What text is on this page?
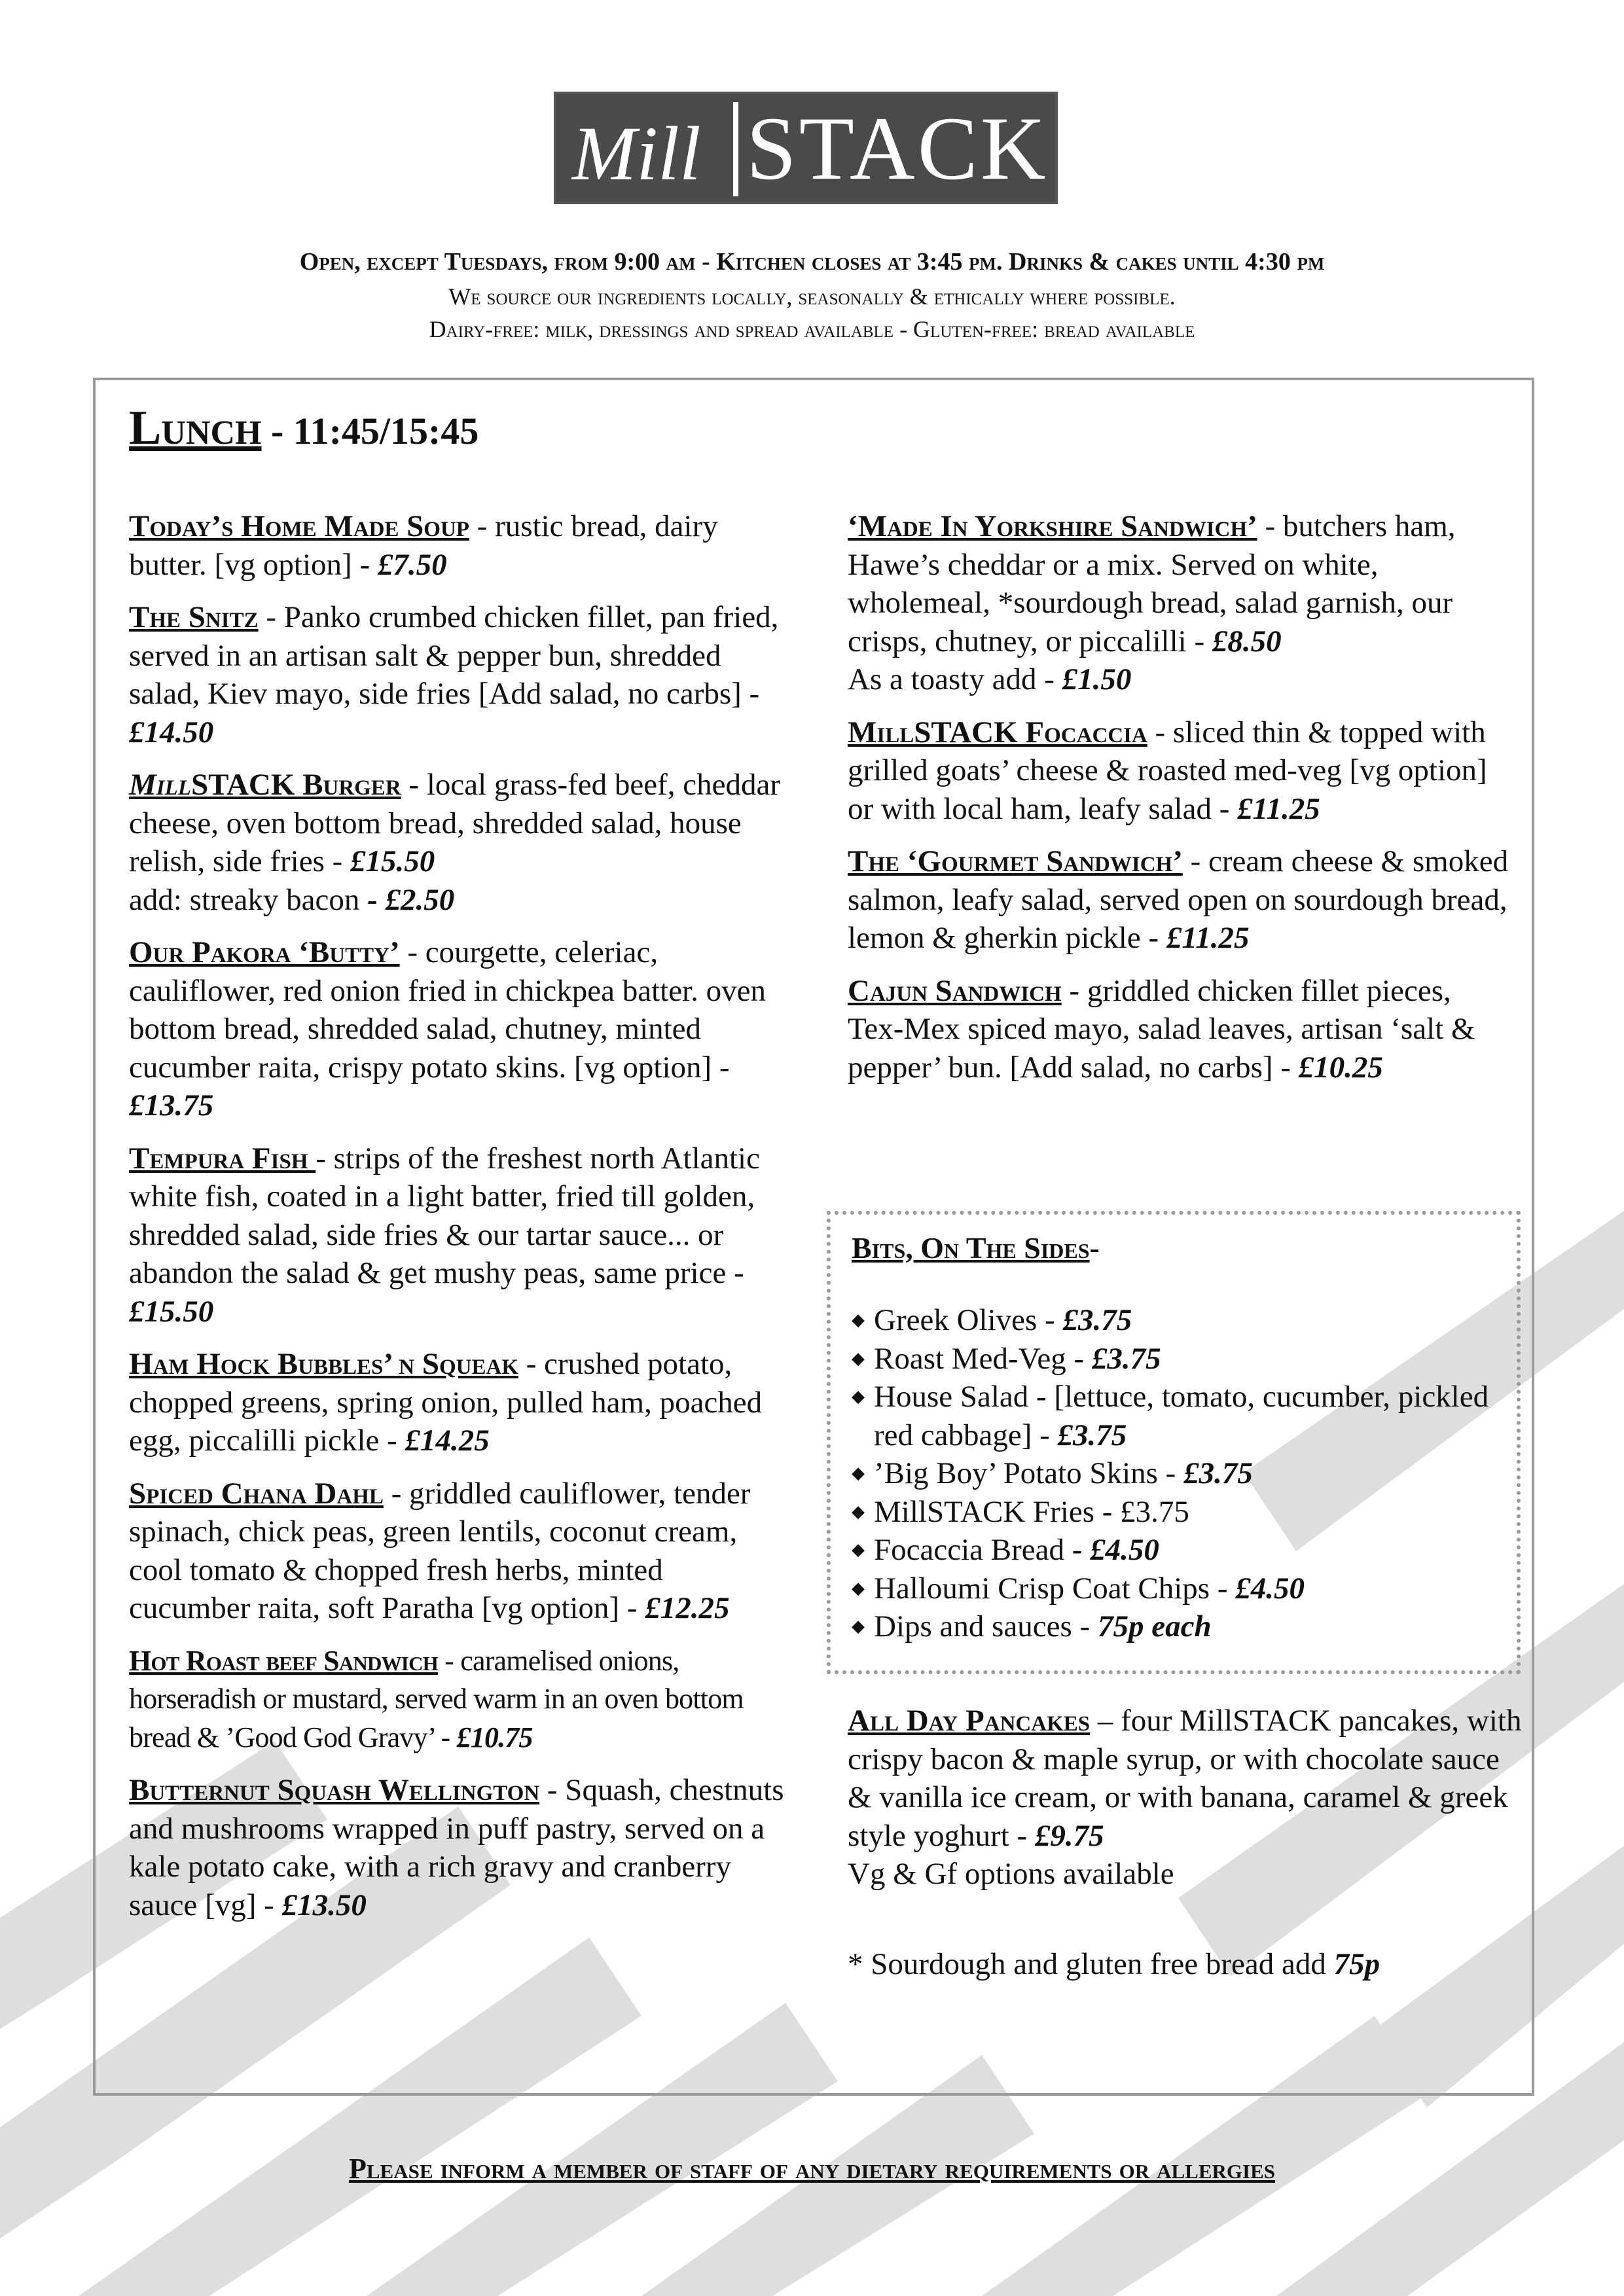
Mill STACK
Open, except Tuesdays, from 9:00 am - Kitchen closes at 3:45 pm. Drinks & cakes until 4:30 pm
We source our ingredients locally, seasonally & ethically where possible.
Dairy-free: milk, dressings and spread available - Gluten-free: bread available
Lunch - 11:45/15:45
Today’s Home Made Soup - rustic bread, dairy butter. [vg option] - £7.50
The Snitz - Panko crumbed chicken fillet, pan fried, served in an artisan salt & pepper bun, shredded salad, Kiev mayo, side fries [Add salad, no carbs] - £14.50
MillSTACK Burger - local grass-fed beef, cheddar cheese, oven bottom bread, shredded salad, house relish, side fries - £15.50
add: streaky bacon - £2.50
Our Pakora ‘Butty’ - courgette, celeriac, cauliflower, red onion fried in chickpea batter. oven bottom bread, shredded salad, chutney, minted cucumber raita, crispy potato skins. [vg option] - £13.75
Tempura Fish - strips of the freshest north Atlantic white fish, coated in a light batter, fried till golden, shredded salad, side fries & our tartar sauce... or abandon the salad & get mushy peas, same price - £15.50
Ham Hock Bubbles’ n Squeak - crushed potato, chopped greens, spring onion, pulled ham, poached egg, piccalilli pickle - £14.25
Spiced Chana Dahl - griddled cauliflower, tender spinach, chick peas, green lentils, coconut cream, cool tomato & chopped fresh herbs, minted cucumber raita, soft Paratha [vg option] - £12.25
Hot Roast beef Sandwich - caramelised onions, horseradish or mustard, served warm in an oven bottom bread & ’Good God Gravy’ - £10.75
Butternut Squash Wellington - Squash, chestnuts and mushrooms wrapped in puff pastry, served on a kale potato cake, with a rich gravy and cranberry sauce [vg] - £13.50
‘Made In Yorkshire Sandwich’ - butchers ham, Hawe’s cheddar or a mix. Served on white, wholemeal, *sourdough bread, salad garnish, our crisps, chutney, or piccalilli - £8.50
As a toasty add - £1.50
MillSTACK Focaccia - sliced thin & topped with grilled goats’ cheese & roasted med-veg [vg option] or with local ham, leafy salad - £11.25
The ‘Gourmet Sandwich’ - cream cheese & smoked salmon, leafy salad, served open on sourdough bread, lemon & gherkin pickle - £11.25
Cajun Sandwich - griddled chicken fillet pieces, Tex-Mex spiced mayo, salad leaves, artisan ‘salt & pepper’ bun. [Add salad, no carbs] - £10.25
Bits, On The Sides-
◆ Greek Olives - £3.75
◆ Roast Med-Veg - £3.75
◆ House Salad - [lettuce, tomato, cucumber, pickled red cabbage] - £3.75
◆ ’Big Boy’ Potato Skins - £3.75
◆ MillSTACK Fries - £3.75
◆ Focaccia Bread - £4.50
◆ Halloumi Crisp Coat Chips - £4.50
◆ Dips and sauces - 75p each
All Day Pancakes – four MillSTACK pancakes, with crispy bacon & maple syrup, or with chocolate sauce & vanilla ice cream, or with banana, caramel & greek style yoghurt - £9.75
Vg & Gf options available
* Sourdough and gluten free bread add 75p
Please inform a member of staff of any dietary requirements or allergies
